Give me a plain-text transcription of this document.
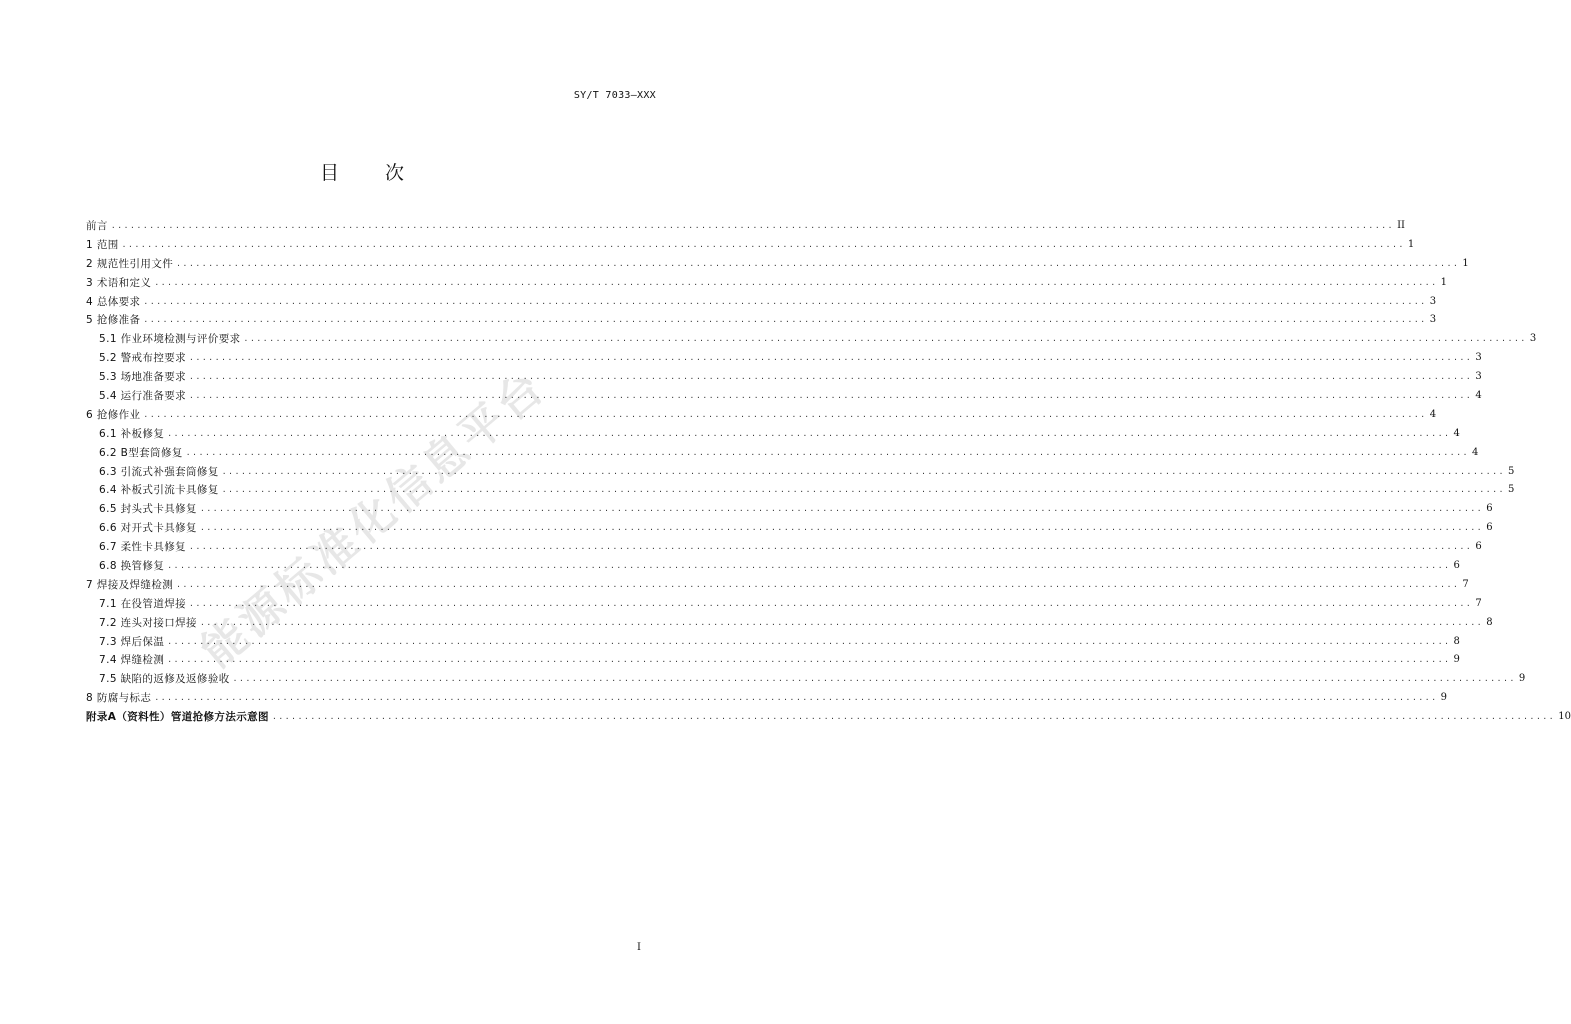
SY/T 7033—XXX
目 次
能源标准化信息平台
前言 ........................................................................................................................................................................................................ II
1 范围 ........................................................................................................................................................................................................ 1
2 规范性引用文件 ........................................................................................................................................................................................................ 1
3 术语和定义 ........................................................................................................................................................................................................ 1
4 总体要求 ........................................................................................................................................................................................................ 3
5 抢修准备 ........................................................................................................................................................................................................ 3
5.1 作业环境检测与评价要求 ........................................................................................................................................................................................................ 3
5.2 警戒布控要求 ........................................................................................................................................................................................................ 3
5.3 场地准备要求 ........................................................................................................................................................................................................ 3
5.4 运行准备要求 ........................................................................................................................................................................................................ 4
6 抢修作业 ........................................................................................................................................................................................................ 4
6.1 补板修复 ........................................................................................................................................................................................................ 4
6.2 B型套筒修复 ........................................................................................................................................................................................................ 4
6.3 引流式补强套筒修复 ........................................................................................................................................................................................................ 5
6.4 补板式引流卡具修复 ........................................................................................................................................................................................................ 5
6.5 封头式卡具修复 ........................................................................................................................................................................................................ 6
6.6 对开式卡具修复 ........................................................................................................................................................................................................ 6
6.7 柔性卡具修复 ........................................................................................................................................................................................................ 6
6.8 换管修复 ........................................................................................................................................................................................................ 6
7 焊接及焊缝检测 ........................................................................................................................................................................................................ 7
7.1 在役管道焊接 ........................................................................................................................................................................................................ 7
7.2 连头对接口焊接 ........................................................................................................................................................................................................ 8
7.3 焊后保温 ........................................................................................................................................................................................................ 8
7.4 焊缝检测 ........................................................................................................................................................................................................ 9
7.5 缺陷的返修及返修验收 ........................................................................................................................................................................................................ 9
8 防腐与标志 ........................................................................................................................................................................................................ 9
附录A（资料性）管道抢修方法示意图 ........................................................................................................................................................................................................ 10
I
